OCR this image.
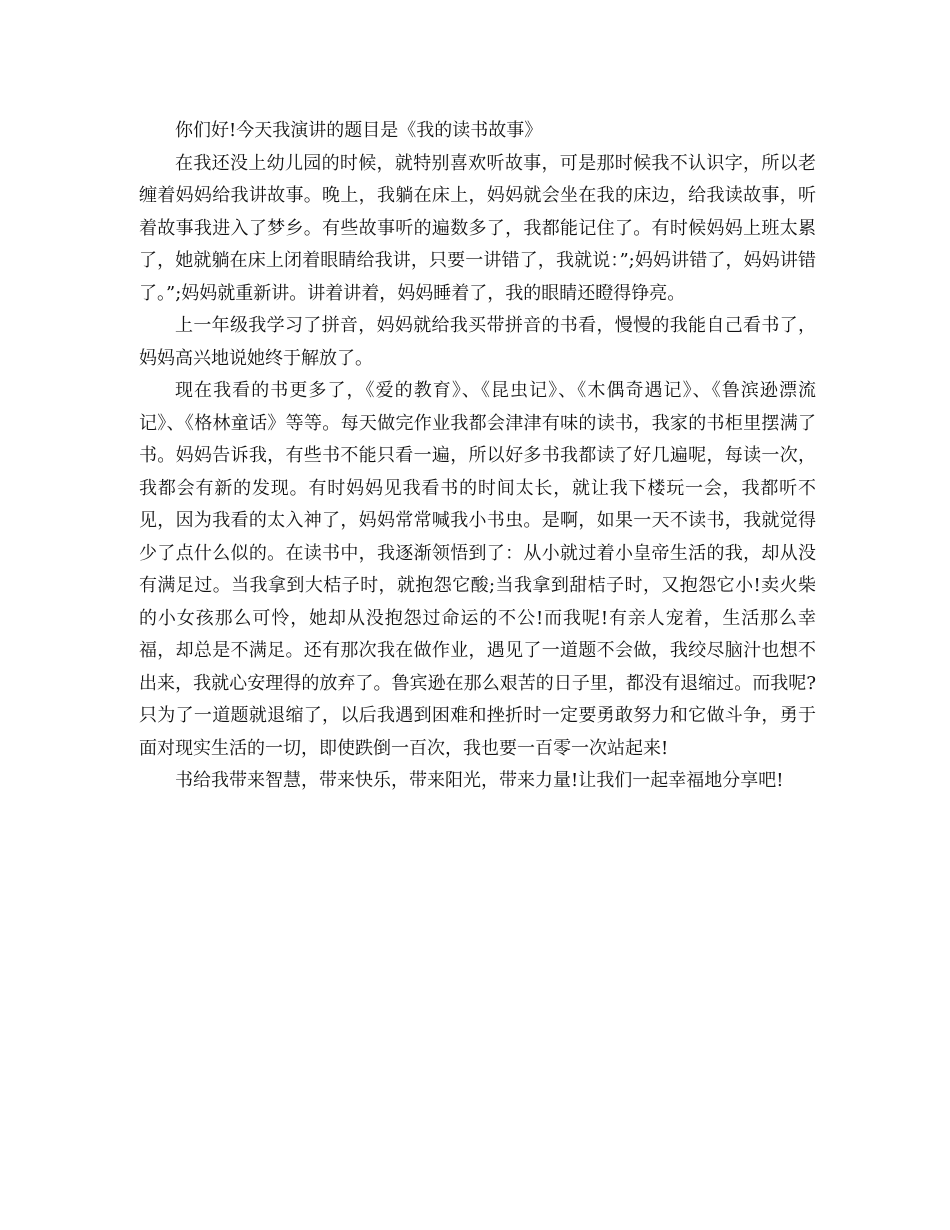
你们好!今天我演讲的题目是《我的读书故事》

在我还没上幼儿园的时候，就特别喜欢听故事，可是那时候我不认识字，所以老缠着妈妈给我讲故事。晚上，我躺在床上，妈妈就会坐在我的床边，给我读故事，听着故事我进入了梦乡。有些故事听的遍数多了，我都能记住了。有时候妈妈上班太累了，她就躺在床上闭着眼睛给我讲，只要一讲错了，我就说：”;妈妈讲错了，妈妈讲错了。”;妈妈就重新讲。讲着讲着，妈妈睡着了，我的眼睛还瞪得铮亮。

上一年级我学习了拼音，妈妈就给我买带拼音的书看，慢慢的我能自己看书了，妈妈高兴地说她终于解放了。

现在我看的书更多了，《爱的教育》、《昆虫记》、《木偶奇遇记》、《鲁滨逊漂流记》、《格林童话》等等。每天做完作业我都会津津有味的读书，我家的书柜里摆满了书。妈妈告诉我，有些书不能只看一遍，所以好多书我都读了好几遍呢，每读一次，我都会有新的发现。有时妈妈见我看书的时间太长，就让我下楼玩一会，我都听不见，因为我看的太入神了，妈妈常常喊我小书虫。是啊，如果一天不读书，我就觉得少了点什么似的。在读书中，我逐渐领悟到了：从小就过着小皇帝生活的我，却从没有满足过。当我拿到大桔子时，就抱怨它酸;当我拿到甜桔子时，又抱怨它小!卖火柴的小女孩那么可怜，她却从没抱怨过命运的不公!而我呢!有亲人宠着，生活那么幸福，却总是不满足。还有那次我在做作业，遇见了一道题不会做，我绞尽脑汁也想不出来，我就心安理得的放弃了。鲁宾逊在那么艰苦的日子里，都没有退缩过。而我呢?只为了一道题就退缩了，以后我遇到困难和挫折时一定要勇敢努力和它做斗争，勇于面对现实生活的一切，即使跌倒一百次，我也要一百零一次站起来!

书给我带来智慧，带来快乐，带来阳光，带来力量!让我们一起幸福地分享吧!
